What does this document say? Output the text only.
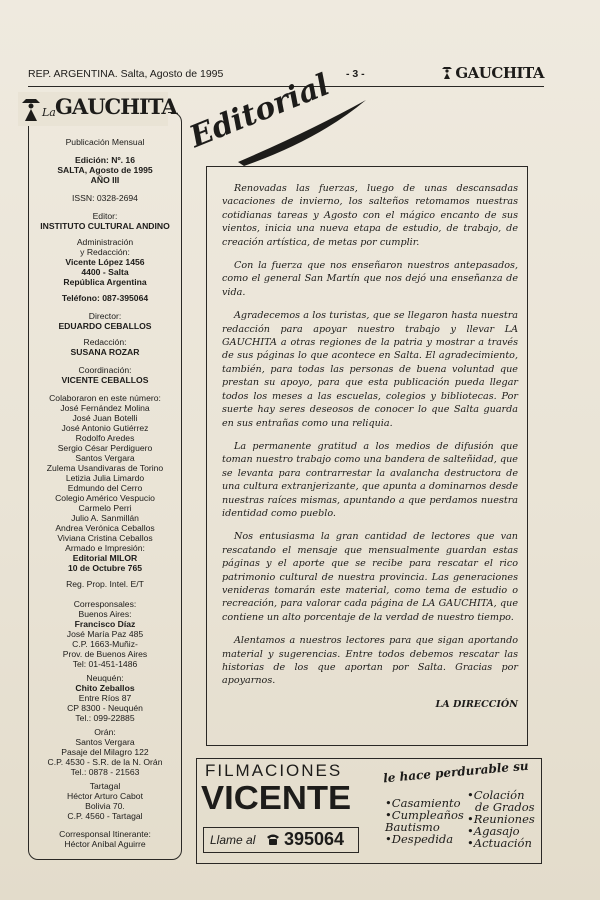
REP. ARGENTINA. Salta, Agosto de 1995	- 3 -	GAUCHITA
Publicación Mensual
Edición: Nº. 16
SALTA, Agosto de 1995
AÑO III
ISSN: 0328-2694
Editor:
INSTITUTO CULTURAL ANDINO
Administración
y Redacción:
Vicente López 1456
4400 - Salta
República Argentina
Teléfono: 087-395064
Director:
EDUARDO CEBALLOS
Redacción:
SUSANA ROZAR
Coordinación:
VICENTE CEBALLOS
Colaboraron en este número:
José Fernández Molina
José Juan Botelli
José Antonio Gutiérrez
Rodolfo Aredes
Sergio César Perdiguero
Santos Vergara
Zulema Usandivaras de Torino
Letizia Julia Limardo
Edmundo del Cerro
Colegio Américo Vespucio
Carmelo Perri
Julio A. Sanmillán
Andrea Verónica Ceballos
Viviana Cristina Ceballos
Armado e Impresión:
Editorial MILOR
10 de Octubre 765
Reg. Prop. Intel. E/T
Corresponsales:
Buenos Aires:
Francisco Díaz
José María Paz 485
C.P. 1663-Muñiz-
Prov. de Buenos Aires
Tel: 01-451-1486
Neuquén:
Chito Zeballos
Entre Ríos 87
CP 8300 - Neuquén
Tel.: 099-22885
Orán:
Santos Vergara
Pasaje del Milagro 122
C.P. 4530 - S.R. de la N. Orán
Tel.: 0878 - 21563
Tartagal
Héctor Arturo Cabot
Bolivia 70.
C.P. 4560 - Tartagal
Corresponsal Itinerante:
Héctor Aníbal Aguirre
La GAUCHITA Editorial

Renovadas las fuerzas, luego de unas descansadas vacaciones de invierno, los salteños retomamos nuestras cotidianas tareas y Agosto con el mágico encanto de sus vientos, inicia una nueva etapa de estudio, de trabajo, de creación artística, de metas por cumplir.

Con la fuerza que nos enseñaron nuestros antepasados, como el general San Martín que nos dejó una enseñanza de vida.

Agradecemos a los turistas, que se llegaron hasta nuestra redacción para apoyar nuestro trabajo y llevar LA GAUCHITA a otras regiones de la patria y mostrar a través de sus páginas lo que acontece en Salta. El agradecimiento, también, para todas las personas de buena voluntad que prestan su apoyo, para que esta publicación pueda llegar todos los meses a las escuelas, colegios y bibliotecas. Por suerte hay seres deseosos de conocer lo que Salta guarda en sus entrañas como una reliquia.

La permanente gratitud a los medios de difusión que toman nuestro trabajo como una bandera de salteñidad, que se levanta para contrarrestar la avalancha destructora de una cultura extranjerizante, que apunta a dominarnos desde nuestras raíces mismas, apuntando a que perdamos nuestra identidad como pueblo.

Nos entusiasma la gran cantidad de lectores que van rescatando el mensaje que mensualmente guardan estas páginas y el aporte que se recibe para rescatar el rico patrimonio cultural de nuestra provincia. Las generaciones venideras tomarán este material, como tema de estudio o recreación, para valorar cada página de LA GAUCHITA, que contiene un alto porcentaje de la verdad de nuestro tiempo.

Alentamos a nuestros lectores para que sigan aportando material y sugerencias. Entre todos debemos rescatar las historias de los que aportan por Salta. Gracias por apoyarnos.

LA DIRECCIÓN
FILMACIONES
VICENTE
Llame al 395064
le hace perdurable su
•Casamiento
•Cumpleaños
Bautismo
•Despedida
•Colación
de Grados
•Reuniones
•Agasajo
•Actuación
